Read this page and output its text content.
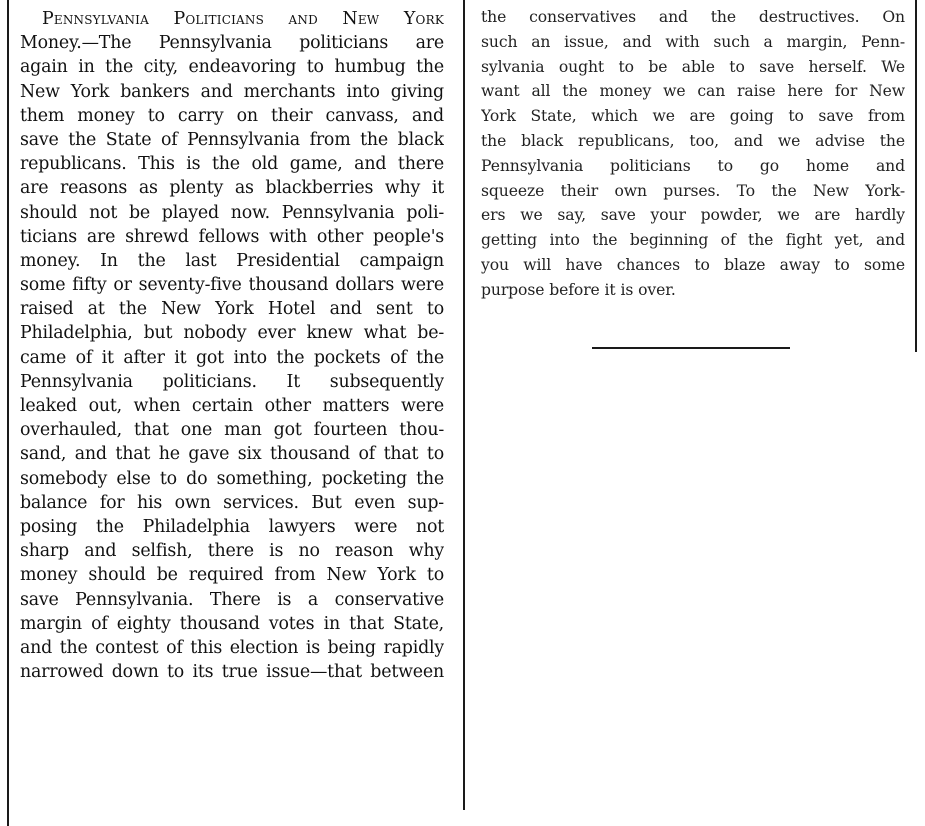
Pennsylvania Politicians and New York
Money.—The Pennsylvania politicians are
again in the city, endeavoring to humbug the
New York bankers and merchants into giving
them money to carry on their canvass, and
save the State of Pennsylvania from the black
republicans. This is the old game, and there
are reasons as plenty as blackberries why it
should not be played now. Pennsylvania poli-
ticians are shrewd fellows with other people's
money. In the last Presidential campaign
some fifty or seventy-five thousand dollars were
raised at the New York Hotel and sent to
Philadelphia, but nobody ever knew what be-
came of it after it got into the pockets of the
Pennsylvania politicians. It subsequently
leaked out, when certain other matters were
overhauled, that one man got fourteen thou-
sand, and that he gave six thousand of that to
somebody else to do something, pocketing the
balance for his own services. But even sup-
posing the Philadelphia lawyers were not
sharp and selfish, there is no reason why
money should be required from New York to
save Pennsylvania. There is a conservative
margin of eighty thousand votes in that State,
and the contest of this election is being rapidly
narrowed down to its true issue—that between
the conservatives and the destructives. On
such an issue, and with such a margin, Penn-
sylvania ought to be able to save herself. We
want all the money we can raise here for New
York State, which we are going to save from
the black republicans, too, and we advise the
Pennsylvania politicians to go home and
squeeze their own purses. To the New York-
ers we say, save your powder, we are hardly
getting into the beginning of the fight yet, and
you will have chances to blaze away to some
purpose before it is over.
